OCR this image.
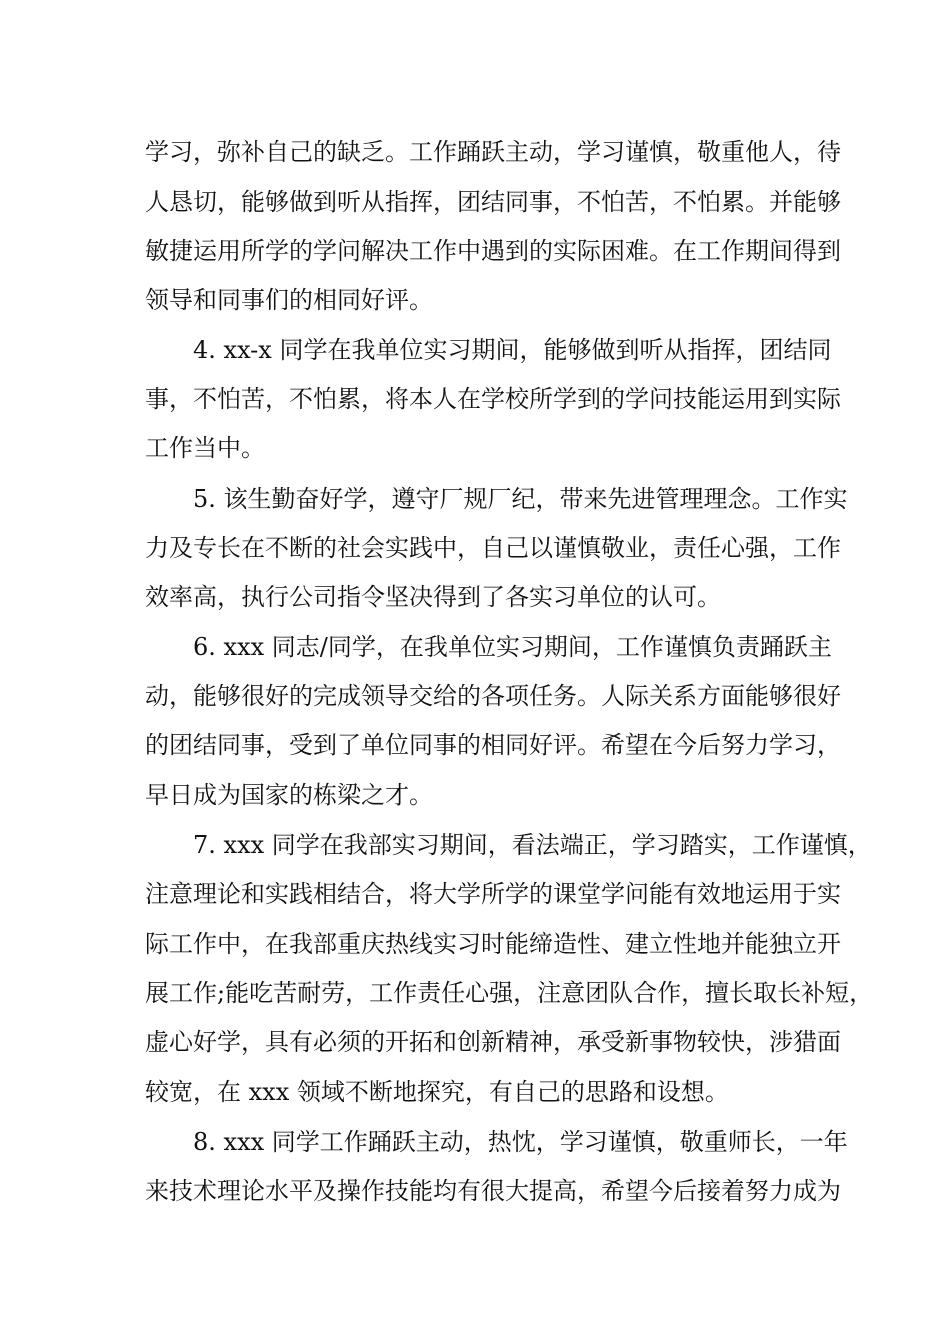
学习，弥补自己的缺乏。工作踊跃主动，学习谨慎，敬重他人，待
人恳切，能够做到听从指挥，团结同事，不怕苦，不怕累。并能够
敏捷运用所学的学问解决工作中遇到的实际困难。在工作期间得到
领导和同事们的相同好评。
4. xx-x 同学在我单位实习期间，能够做到听从指挥，团结同
事，不怕苦，不怕累，将本人在学校所学到的学问技能运用到实际
工作当中。
5. 该生勤奋好学，遵守厂规厂纪，带来先进管理理念。工作实
力及专长在不断的社会实践中，自己以谨慎敬业，责任心强，工作
效率高，执行公司指令坚决得到了各实习单位的认可。
6. xxx 同志/同学，在我单位实习期间，工作谨慎负责踊跃主
动，能够很好的完成领导交给的各项任务。人际关系方面能够很好
的团结同事，受到了单位同事的相同好评。希望在今后努力学习，
早日成为国家的栋梁之才。
7. xxx 同学在我部实习期间，看法端正，学习踏实，工作谨慎，
注意理论和实践相结合，将大学所学的课堂学问能有效地运用于实
际工作中，在我部重庆热线实习时能缔造性、建立性地并能独立开
展工作;能吃苦耐劳，工作责任心强，注意团队合作，擅长取长补短，
虚心好学，具有必须的开拓和创新精神，承受新事物较快，涉猎面
较宽，在 xxx 领域不断地探究，有自己的思路和设想。
8. xxx 同学工作踊跃主动，热忱，学习谨慎，敬重师长，一年
来技术理论水平及操作技能均有很大提高，希望今后接着努力成为
